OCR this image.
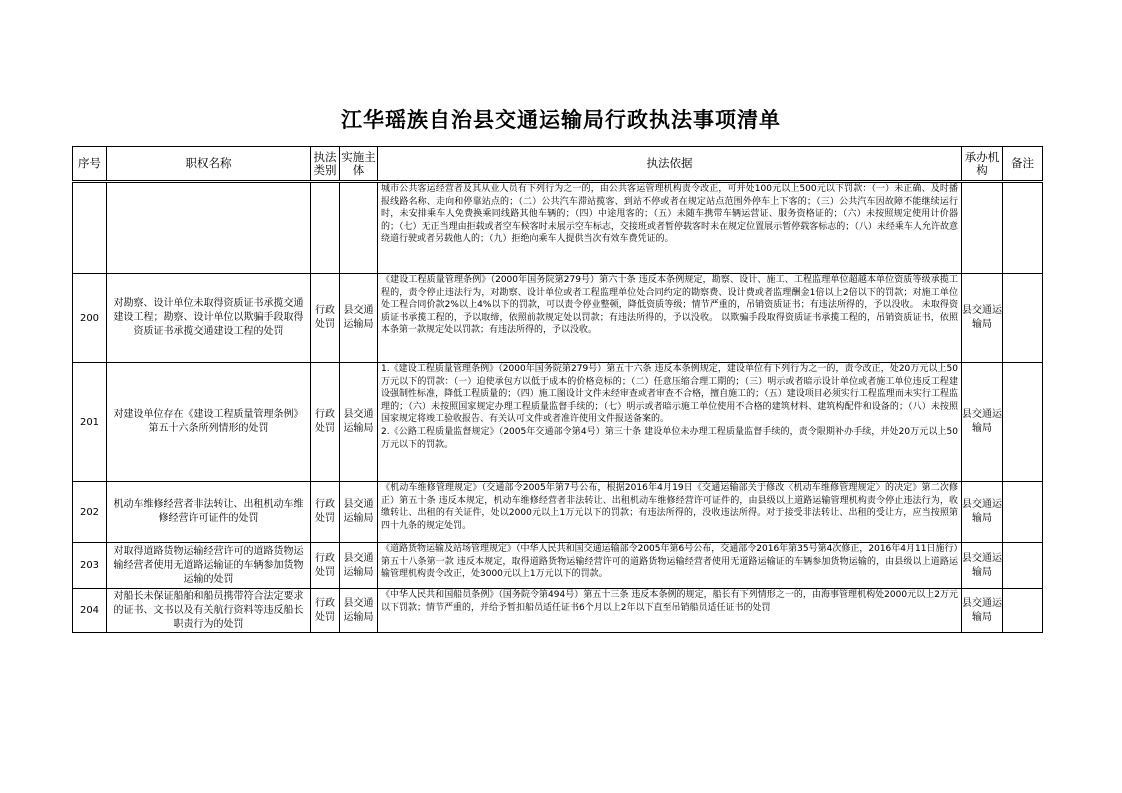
江华瑶族自治县交通运输局行政执法事项清单
序号	职权名称	执法类别	实施主体	执法依据	承办机构	备注

				城市公共客运经营者及其从业人员有下列行为之一的，由公共客运管理机构责令改正，可并处100元以上500元以下罚款：（一）未正确、及时播报线路名称、走向和停靠站点的；（二）公共汽车滞站揽客、到站不停或者在规定站点范围外停车上下客的；（三）公共汽车因故障不能继续运行时，未安排乘车人免费换乘同线路其他车辆的；（四）中途甩客的；（五）未随车携带车辆运营证、服务资格证的；（六）未按照规定使用计价器的；（七）无正当理由拒载或者空车候客时未展示空车标志，交接班或者暂停载客时未在规定位置展示暂停载客标志的；（八）未经乘车人允许故意绕道行驶或者另载他人的；（九）拒绝向乘车人提供当次有效车费凭证的。		

200	对勘察、设计单位未取得资质证书承揽交通建设工程；勘察、设计单位以欺骗手段取得资质证书承揽交通建设工程的处罚	行政处罚	县交通运输局	《建设工程质量管理条例》（2000年国务院第279号）第六十条 违反本条例规定，勘察、设计、施工、工程监理单位超越本单位资质等级承揽工程的，责令停止违法行为，对勘察、设计单位或者工程监理单位处合同约定的勘察费、设计费或者监理酬金1倍以上2倍以下的罚款；对施工单位处工程合同价款2%以上4%以下的罚款，可以责令停业整顿，降低资质等级；情节严重的，吊销资质证书；有违法所得的，予以没收。 未取得资质证书承揽工程的，予以取缔，依照前款规定处以罚款；有违法所得的，予以没收。 以欺骗手段取得资质证书承揽工程的，吊销资质证书，依照本条第一款规定处以罚款；有违法所得的，予以没收。	县交通运输局	
201	对建设单位存在《建设工程质量管理条例》第五十六条所列情形的处罚	行政处罚	县交通运输局	1.《建设工程质量管理条例》（2000年国务院第279号）第五十六条 违反本条例规定，建设单位有下列行为之一的，责令改正，处20万元以上50万元以下的罚款：（一）迫使承包方以低于成本的价格竞标的；（二）任意压缩合理工期的；（三）明示或者暗示设计单位或者施工单位违反工程建设强制性标准，降低工程质量的；（四）施工图设计文件未经审查或者审查不合格，擅自施工的；（五）建设项目必须实行工程监理而未实行工程监理的；（六）未按照国家规定办理工程质量监督手续的；（七）明示或者暗示施工单位使用不合格的建筑材料、建筑构配件和设备的；（八）未按照国家规定将竣工验收报告、有关认可文件或者准许使用文件报送备案的。
2.《公路工程质量监督规定》（2005年交通部令第4号）第三十条 建设单位未办理工程质量监督手续的，责令限期补办手续，并处20万元以上50万元以下的罚款。	县交通运输局	
202	机动车维修经营者非法转让、出租机动车维修经营许可证件的处罚	行政处罚	县交通运输局	《机动车维修管理规定》（交通部令2005年第7号公布，根据2016年4月19日《交通运输部关于修改〈机动车维修管理规定〉的决定》第二次修正）第五十条 违反本规定，机动车维修经营者非法转让、出租机动车维修经营许可证件的，由县级以上道路运输管理机构责令停止违法行为，收缴转让、出租的有关证件，处以2000元以上1万元以下的罚款；有违法所得的，没收违法所得。对于接受非法转让、出租的受让方，应当按照第四十九条的规定处罚。	县交通运输局	
203	对取得道路货物运输经营许可的道路货物运输经营者使用无道路运输证的车辆参加货物运输的处罚	行政处罚	县交通运输局	《道路货物运输及站场管理规定》（中华人民共和国交通运输部令2005年第6号公布，交通部令2016年第35号第4次修正，2016年4月11日施行）第五十八条第一款 违反本规定，取得道路货物运输经营许可的道路货物运输经营者使用无道路运输证的车辆参加货物运输的，由县级以上道路运输管理机构责令改正，处3000元以上1万元以下的罚款。	县交通运输局	
204	对船长未保证船舶和船员携带符合法定要求的证书、文书以及有关航行资料等违反船长职责行为的处罚	行政处罚	县交通运输局	《中华人民共和国船员条例》（国务院令第494号）第五十三条 违反本条例的规定，船长有下列情形之一的，由海事管理机构处2000元以上2万元以下罚款；情节严重的，并给予暂扣船员适任证书6个月以上2年以下直至吊销船员适任证书的处罚	县交通运输局	
